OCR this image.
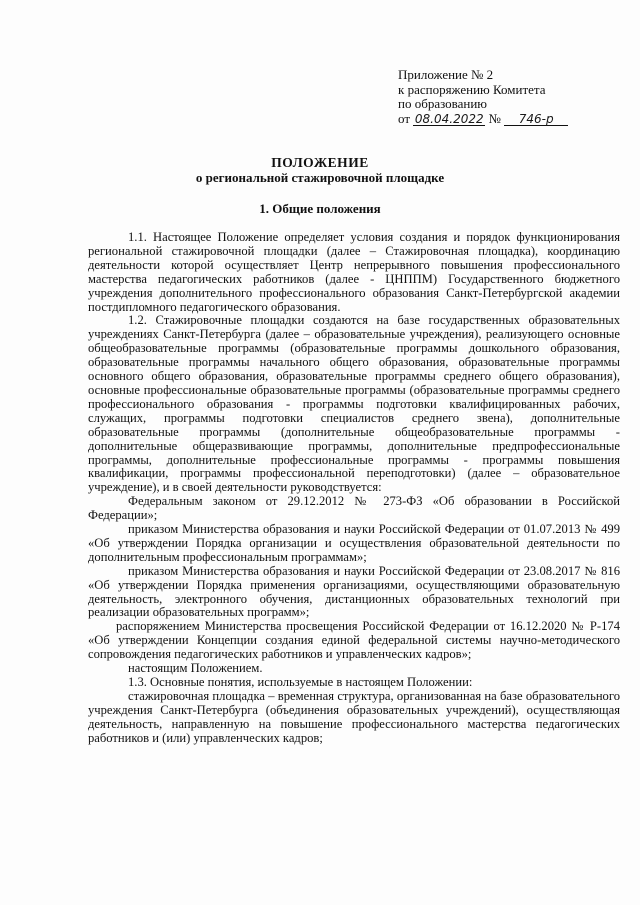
Приложение № 2
к распоряжению Комитета
по образованию
от 08.04.2022 № 746-р
ПОЛОЖЕНИЕ
о региональной стажировочной площадке
1. Общие положения

1.1. Настоящее Положение определяет условия создания и порядок функционирования региональной стажировочной площадки (далее – Стажировочная площадка), координацию деятельности которой осуществляет Центр непрерывного повышения профессионального мастерства педагогических работников (далее - ЦНППМ) Государственного бюджетного учреждения дополнительного профессионального образования Санкт-Петербургской академии постдипломного педагогического образования.

1.2. Стажировочные площадки создаются на базе государственных образовательных учреждениях Санкт-Петербурга (далее – образовательные учреждения), реализующего основные общеобразовательные программы (образовательные программы дошкольного образования, образовательные программы начального общего образования, образовательные программы основного общего образования, образовательные программы среднего общего образования), основные профессиональные образовательные программы (образовательные программы среднего профессионального образования - программы подготовки квалифицированных рабочих, служащих, программы подготовки специалистов среднего звена), дополнительные образовательные программы (дополнительные общеобразовательные программы - дополнительные общеразвивающие программы, дополнительные предпрофессиональные программы, дополнительные профессиональные программы - программы повышения квалификации, программы профессиональной переподготовки) (далее – образовательное учреждение), и в своей деятельности руководствуется:

Федеральным законом от 29.12.2012 № 273-ФЗ «Об образовании в Российской Федерации»;

приказом Министерства образования и науки Российской Федерации от 01.07.2013 № 499 «Об утверждении Порядка организации и осуществления образовательной деятельности по дополнительным профессиональным программам»;

приказом Министерства образования и науки Российской Федерации от 23.08.2017 № 816 «Об утверждении Порядка применения организациями, осуществляющими образовательную деятельность, электронного обучения, дистанционных образовательных технологий при реализации образовательных программ»;

распоряжением Министерства просвещения Российской Федерации от 16.12.2020 № Р-174 «Об утверждении Концепции создания единой федеральной системы научно-методического сопровождения педагогических работников и управленческих кадров»;

настоящим Положением.

1.3. Основные понятия, используемые в настоящем Положении:

стажировочная площадка – временная структура, организованная на базе образовательного учреждения Санкт-Петербурга (объединения образовательных учреждений), осуществляющая деятельность, направленную на повышение профессионального мастерства педагогических работников и (или) управленческих кадров;
